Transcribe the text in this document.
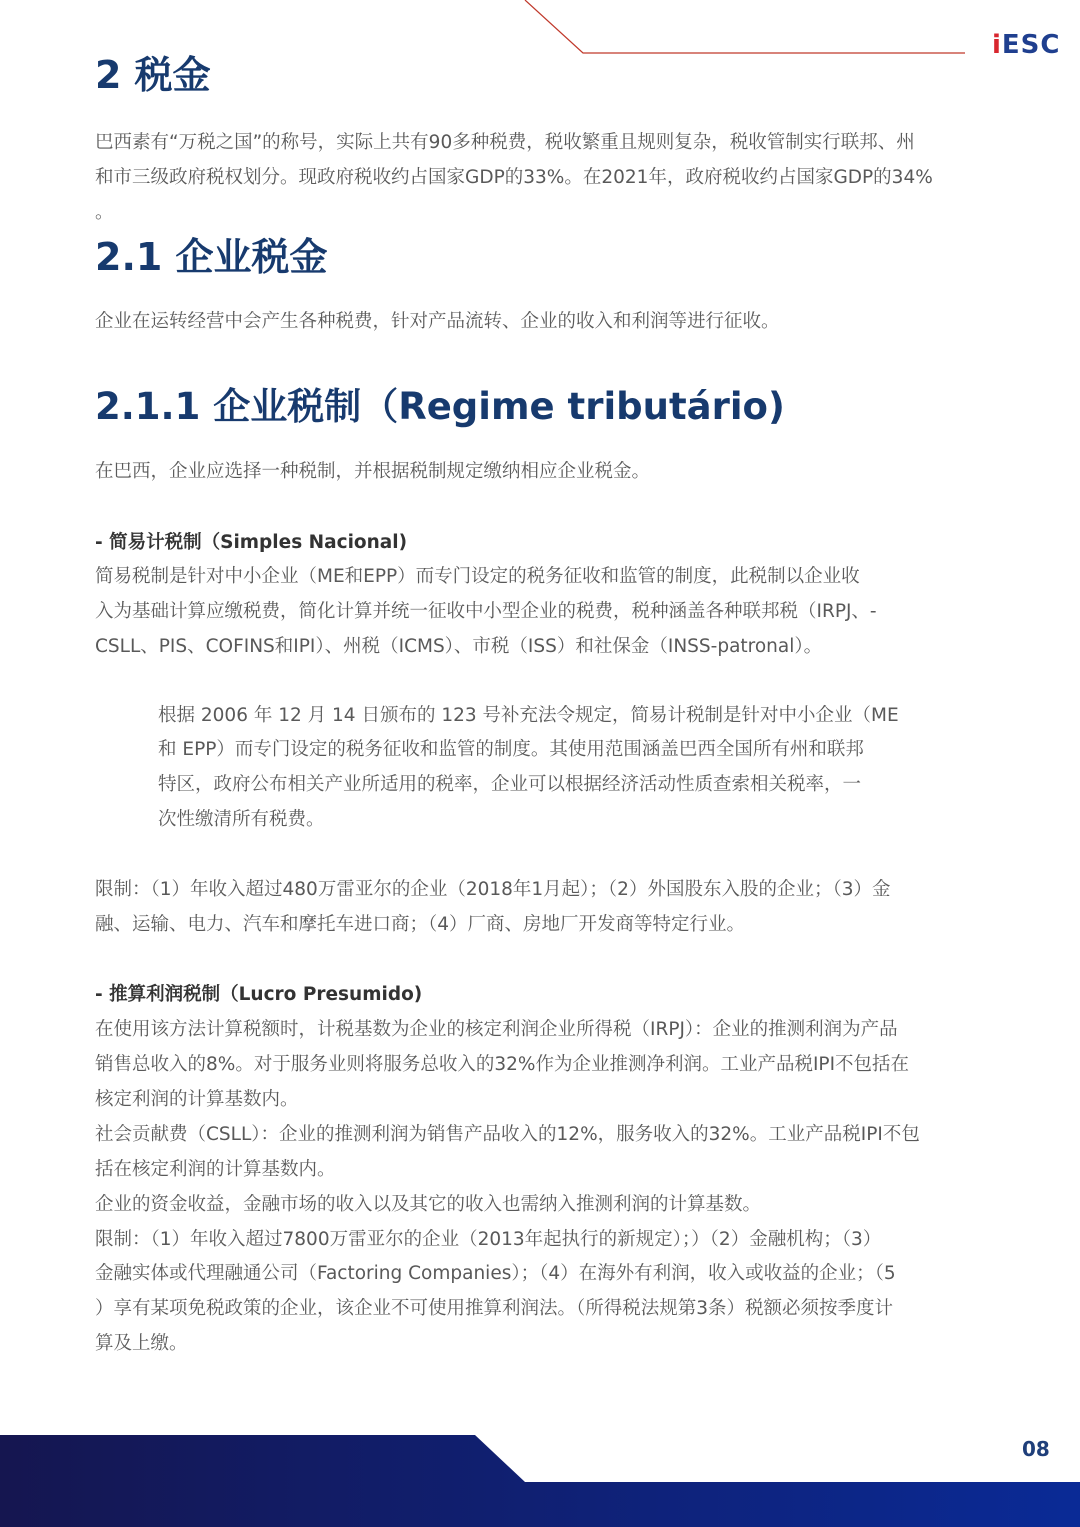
iESC
2 税金
巴西素有“万税之国”的称号，实际上共有90多种税费，税收繁重且规则复杂，税收管制实行联邦、州
和市三级政府税权划分。现政府税收约占国家GDP的33%。在2021年，政府税收约占国家GDP的34%
。
2.1 企业税金
企业在运转经营中会产生各种税费，针对产品流转、企业的收入和利润等进行征收。
2.1.1 企业税制（Regime tributário)
在巴西，企业应选择一种税制，并根据税制规定缴纳相应企业税金。
- 简易计税制（Simples Nacional)
简易税制是针对中小企业（ME和EPP）而专门设定的税务征收和监管的制度，此税制以企业收
入为基础计算应缴税费，简化计算并统一征收中小型企业的税费，税种涵盖各种联邦税（IRPJ、-
CSLL、PIS、COFINS和IPI）、州税（ICMS）、市税（ISS）和社保金（INSS-patronal）。
根据 2006 年 12 月 14 日颁布的 123 号补充法令规定，简易计税制是针对中小企业（ME
和 EPP）而专门设定的税务征收和监管的制度。其使用范围涵盖巴西全国所有州和联邦
特区，政府公布相关产业所适用的税率，企业可以根据经济活动性质查索相关税率，一
次性缴清所有税费。
限制：（1）年收入超过480万雷亚尔的企业（2018年1月起）；（2）外国股东入股的企业；（3）金
融、运输、电力、汽车和摩托车进口商；（4）厂商、房地厂开发商等特定行业。
- 推算利润税制（Lucro Presumido)
在使用该方法计算税额时，计税基数为企业的核定利润企业所得税（IRPJ）：企业的推测利润为产品
销售总收入的8%。对于服务业则将服务总收入的32%作为企业推测净利润。工业产品税IPI不包括在
核定利润的计算基数内。
社会贡献费（CSLL）：企业的推测利润为销售产品收入的12%，服务收入的32%。工业产品税IPI不包
括在核定利润的计算基数内。
企业的资金收益，金融市场的收入以及其它的收入也需纳入推测利润的计算基数。
限制：（1）年收入超过7800万雷亚尔的企业（2013年起执行的新规定）；）（2）金融机构；（3）
金融实体或代理融通公司（Factoring Companies）；（4）在海外有利润，收入或收益的企业；（5
）享有某项免税政策的企业，该企业不可使用推算利润法。（所得税法规第3条）税额必须按季度计
算及上缴。
08
